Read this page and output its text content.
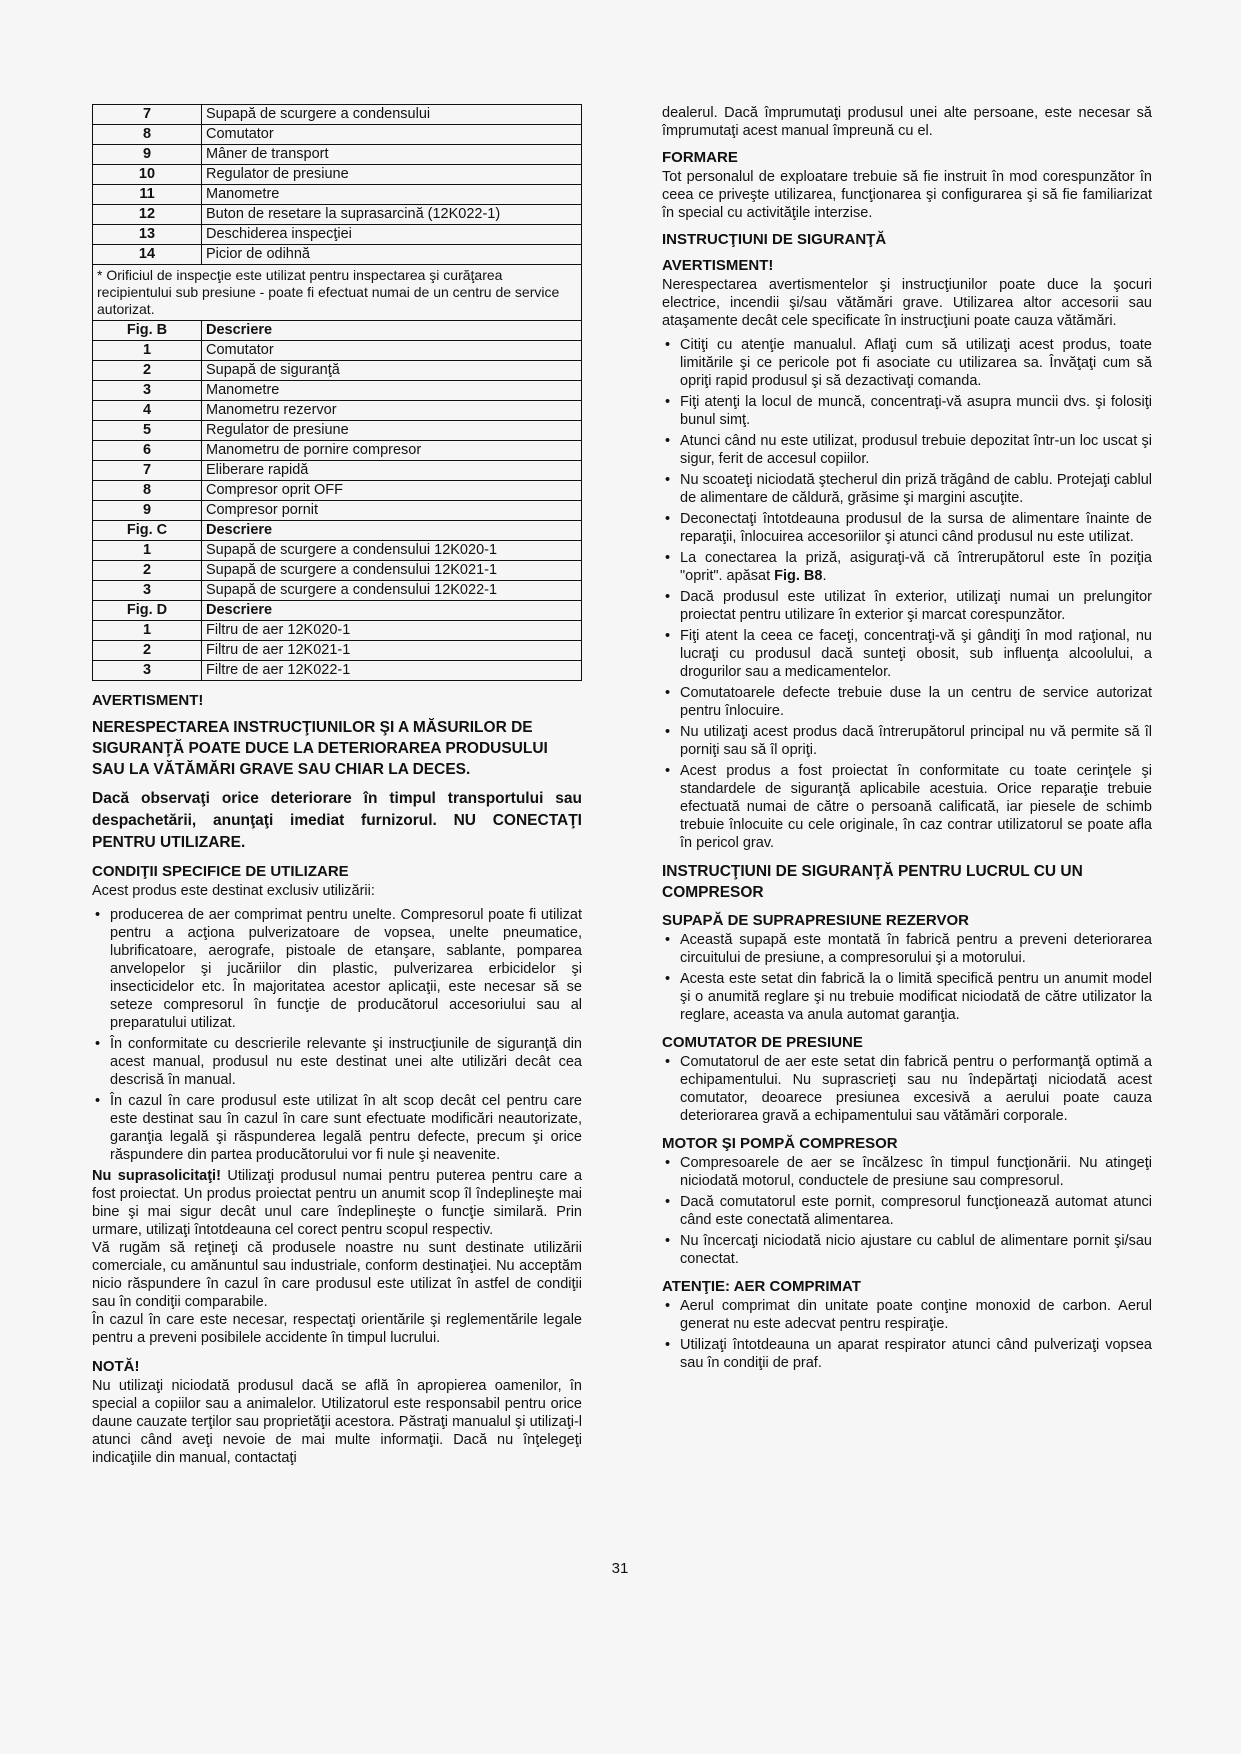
7	Supapă de scurgere a condensului
8	Comutator
9	Mâner de transport
10	Regulator de presiune
11	Manometre
12	Buton de resetare la suprasarcină (12K022-1)
13	Deschiderea inspecţiei
14	Picior de odihnă
* Orificiul de inspecţie este utilizat pentru inspectarea şi curăţarea recipientului sub presiune - poate fi efectuat numai de un centru de service autorizat.	
Fig. B	Descriere
1	Comutator
2	Supapă de siguranţă
3	Manometre
4	Manometru rezervor
5	Regulator de presiune
6	Manometru de pornire compresor
7	Eliberare rapidă
8	Compresor oprit OFF
9	Compresor pornit
Fig. C	Descriere
1	Supapă de scurgere a condensului 12K020-1
2	Supapă de scurgere a condensului 12K021-1
3	Supapă de scurgere a condensului 12K022-1
Fig. D	Descriere
1	Filtru de aer 12K020-1
2	Filtru de aer 12K021-1
3	Filtre de aer 12K022-1

AVERTISMENT!

NERESPECTAREA INSTRUCŢIUNILOR ŞI A MĂSURILOR DE SIGURANŢĂ POATE DUCE LA DETERIORAREA PRODUSULUI SAU LA VĂTĂMĂRI GRAVE SAU CHIAR LA DECES.

Dacă observaţi orice deteriorare în timpul transportului sau despachetării, anunţaţi imediat furnizorul. NU CONECTAŢI PENTRU UTILIZARE.

CONDIŢII SPECIFICE DE UTILIZARE

Acest produs este destinat exclusiv utilizării:

• producerea de aer comprimat pentru unelte. Compresorul poate fi utilizat pentru a acţiona pulverizatoare de vopsea, unelte pneumatice, lubrificatoare, aerografe, pistoale de etanşare, sablante, pomparea anvelopelor şi jucăriilor din plastic, pulverizarea erbicidelor şi insecticidelor etc. În majoritatea acestor aplicaţii, este necesar să se seteze compresorul în funcţie de producătorul accesoriului sau al preparatului utilizat.
• În conformitate cu descrierile relevante şi instrucţiunile de siguranţă din acest manual, produsul nu este destinat unei alte utilizări decât cea descrisă în manual.
• În cazul în care produsul este utilizat în alt scop decât cel pentru care este destinat sau în cazul în care sunt efectuate modificări neautorizate, garanţia legală şi răspunderea legală pentru defecte, precum şi orice răspundere din partea producătorului vor fi nule şi neavenite.

Nu suprasolicitaţi! Utilizaţi produsul numai pentru puterea pentru care a fost proiectat. Un produs proiectat pentru un anumit scop îl îndeplineşte mai bine şi mai sigur decât unul care îndeplineşte o funcţie similară. Prin urmare, utilizaţi întotdeauna cel corect pentru scopul respectiv.

Vă rugăm să reţineţi că produsele noastre nu sunt destinate utilizării comerciale, cu amănuntul sau industriale, conform destinaţiei. Nu acceptăm nicio răspundere în cazul în care produsul este utilizat în astfel de condiţii sau în condiţii comparabile.

În cazul în care este necesar, respectaţi orientările şi reglementările legale pentru a preveni posibilele accidente în timpul lucrului.

NOTĂ!

Nu utilizaţi niciodată produsul dacă se află în apropierea oamenilor, în special a copiilor sau a animalelor. Utilizatorul este responsabil pentru orice daune cauzate terţilor sau proprietăţii acestora. Păstraţi manualul şi utilizaţi-l atunci când aveţi nevoie de mai multe informaţii. Dacă nu înţelegeţi indicaţiile din manual, contactaţi

dealerul. Dacă împrumutaţi produsul unei alte persoane, este necesar să împrumutaţi acest manual împreună cu el.

FORMARE

Tot personalul de exploatare trebuie să fie instruit în mod corespunzător în ceea ce priveşte utilizarea, funcţionarea şi configurarea şi să fie familiarizat în special cu activităţile interzise.

INSTRUCŢIUNI DE SIGURANŢĂ

AVERTISMENT!

Nerespectarea avertismentelor şi instrucţiunilor poate duce la şocuri electrice, incendii şi/sau vătămări grave. Utilizarea altor accesorii sau ataşamente decât cele specificate în instrucţiuni poate cauza vătămări.

• Citiţi cu atenţie manualul. Aflaţi cum să utilizaţi acest produs, toate limitările şi ce pericole pot fi asociate cu utilizarea sa. Învăţaţi cum să opriţi rapid produsul şi să dezactivaţi comanda.
• Fiţi atenţi la locul de muncă, concentraţi-vă asupra muncii dvs. şi folosiţi bunul simţ.
• Atunci când nu este utilizat, produsul trebuie depozitat într-un loc uscat şi sigur, ferit de accesul copiilor.
• Nu scoateţi niciodată ştecherul din priză trăgând de cablu. Protejaţi cablul de alimentare de căldură, grăsime şi margini ascuţite.
• Deconectaţi întotdeauna produsul de la sursa de alimentare înainte de reparaţii, înlocuirea accesoriilor şi atunci când produsul nu este utilizat.
• La conectarea la priză, asiguraţi-vă că întrerupătorul este în poziţia "oprit". apăsat Fig. B8.
• Dacă produsul este utilizat în exterior, utilizaţi numai un prelungitor proiectat pentru utilizare în exterior şi marcat corespunzător.
• Fiţi atent la ceea ce faceţi, concentraţi-vă şi gândiţi în mod raţional, nu lucraţi cu produsul dacă sunteţi obosit, sub influenţa alcoolului, a drogurilor sau a medicamentelor.
• Comutatoarele defecte trebuie duse la un centru de service autorizat pentru înlocuire.
• Nu utilizaţi acest produs dacă întrerupătorul principal nu vă permite să îl porniţi sau să îl opriţi.
• Acest produs a fost proiectat în conformitate cu toate cerinţele şi standardele de siguranţă aplicabile acestuia. Orice reparaţie trebuie efectuată numai de către o persoană calificată, iar piesele de schimb trebuie înlocuite cu cele originale, în caz contrar utilizatorul se poate afla în pericol grav.

INSTRUCŢIUNI DE SIGURANŢĂ PENTRU LUCRUL CU UN COMPRESOR

SUPAPĂ DE SUPRAPRESIUNE REZERVOR

• Această supapă este montată în fabrică pentru a preveni deteriorarea circuitului de presiune, a compresorului şi a motorului.
• Acesta este setat din fabrică la o limită specifică pentru un anumit model şi o anumită reglare şi nu trebuie modificat niciodată de către utilizator la reglare, aceasta va anula automat garanţia.

COMUTATOR DE PRESIUNE

• Comutatorul de aer este setat din fabrică pentru o performanţă optimă a echipamentului. Nu suprascrieţi sau nu îndepărtaţi niciodată acest comutator, deoarece presiunea excesivă a aerului poate cauza deteriorarea gravă a echipamentului sau vătămări corporale.

MOTOR ŞI POMPĂ COMPRESOR

• Compresoarele de aer se încălzesc în timpul funcţionării. Nu atingeţi niciodată motorul, conductele de presiune sau compresorul.
• Dacă comutatorul este pornit, compresorul funcţionează automat atunci când este conectată alimentarea.
• Nu încercaţi niciodată nicio ajustare cu cablul de alimentare pornit şi/sau conectat.

ATENŢIE: AER COMPRIMAT

• Aerul comprimat din unitate poate conţine monoxid de carbon. Aerul generat nu este adecvat pentru respiraţie.
• Utilizaţi întotdeauna un aparat respirator atunci când pulverizaţi vopsea sau în condiţii de praf.
31
